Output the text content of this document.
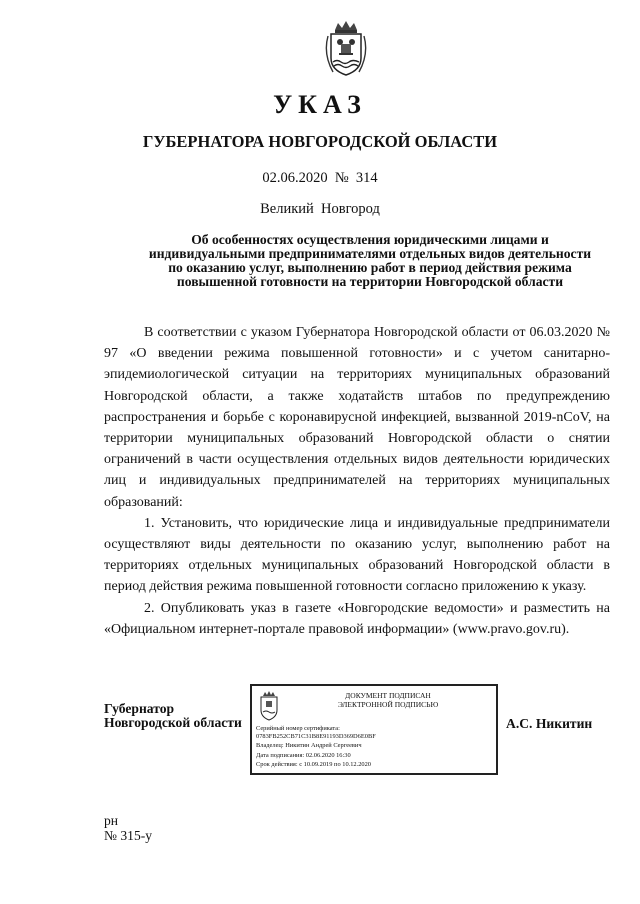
УКАЗ
ГУБЕРНАТОРА НОВГОРОДСКОЙ ОБЛАСТИ
02.06.2020  №  314
Великий  Новгород
Об особенностях осуществления юридическими лицами и
индивидуальными предпринимателями отдельных видов деятельности
по оказанию услуг, выполнению работ в период действия режима
повышенной готовности на территории Новгородской области

В соответствии с указом Губернатора Новгородской области от 06.03.2020 № 97 «О введении режима повышенной готовности» и с учетом санитарно-эпидемиологической ситуации на территориях муниципальных образований Новгородской области, а также ходатайств штабов по предупреждению распространения и борьбе с коронавирусной инфекцией, вызванной 2019-nCoV, на территории муниципальных образований Новгородской области о снятии ограничений в части осуществления отдельных видов деятельности юридических лиц и индивидуальных предпринимателей на территориях муниципальных образований:

1. Установить, что юридические лица и индивидуальные предприниматели осуществляют виды деятельности по оказанию услуг, выполнению работ на территориях отдельных муниципальных образований Новгородской области в период действия режима повышенной готовности согласно приложению к указу.

2. Опубликовать указ в газете «Новгородские ведомости» и разместить на «Официальном интернет-портале правовой информации» (www.pravo.gov.ru).

Губернатор
Новгородской области
ДОКУМЕНТ ПОДПИСАН
ЭЛЕКТРОННОЙ ПОДПИСЬЮ
Серийный номер сертификата:
0783FB252CB71C31B8E91193D369D6E0BF
Владелец: Никитин Андрей Сергеевич
Дата подписания: 02.06.2020 16:30
Срок действия: с 10.09.2019 по 10.12.2020
А.С. Никитин
рн
№ 315-у
